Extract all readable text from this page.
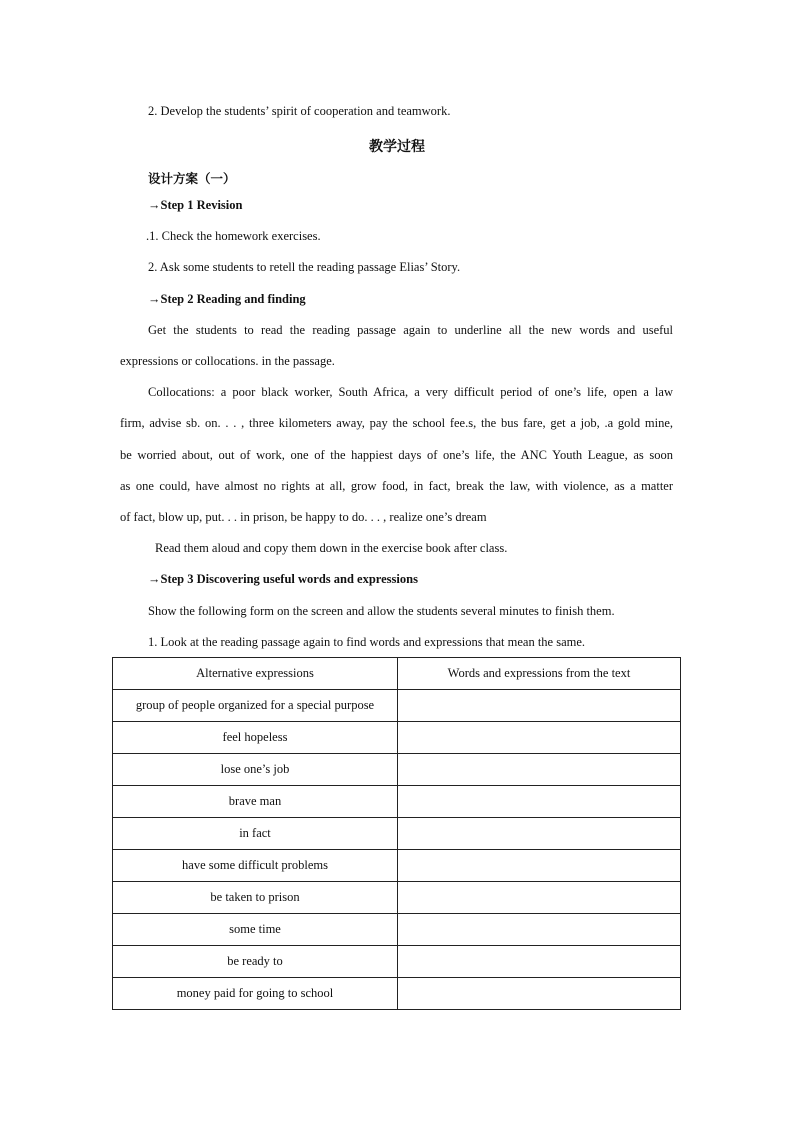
2. Develop the students’ spirit of cooperation and teamwork.
教学过程
设计方案（一）
→Step 1 Revision
.1. Check the homework exercises.
2. Ask some students to retell the reading passage Elias’ Story.
→Step 2 Reading and finding
Get the students to read the reading passage again to underline all the new words and useful
expressions or collocations. in the passage.
Collocations: a poor black worker, South Africa, a very difficult period of one’s life, open a law
firm, advise sb. on. . . , three kilometers away, pay the school fee.s, the bus fare, get a job, .a gold mine,
be worried about, out of work, one of the happiest days of one’s life, the ANC Youth League, as soon
as one could, have almost no rights at all, grow food, in fact, break the law, with violence, as a matter
of fact, blow up, put. . . in prison, be happy to do. . . , realize one’s dream
Read them aloud and copy them down in the exercise book after class.
→Step 3 Discovering useful words and expressions
Show the following form on the screen and allow the students several minutes to finish them.
1. Look at the reading passage again to find words and expressions that mean the same.
Alternative expressions	Words and expressions from the text
group of people organized for a special purpose	
feel hopeless	
lose one’s job	
brave man	
in fact	
have some difficult problems	
be taken to prison	
some time	
be ready to	
money paid for going to school	
